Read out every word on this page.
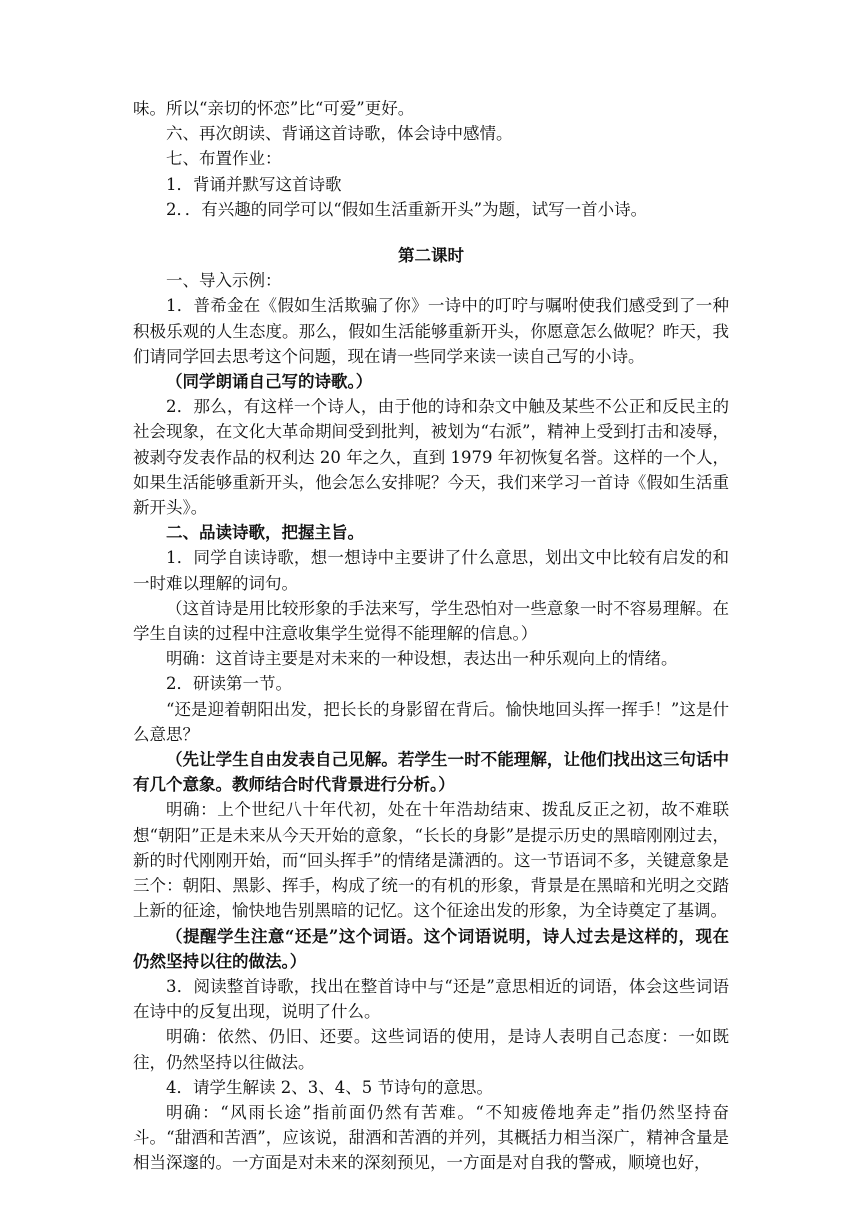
味。所以“亲切的怀恋”比“可爱”更好。

六、再次朗读、背诵这首诗歌，体会诗中感情。

七、布置作业：

1．背诵并默写这首诗歌

2．．有兴趣的同学可以“假如生活重新开头”为题，试写一首小诗。

第二课时

一、导入示例：

1．普希金在《假如生活欺骗了你》一诗中的叮咛与嘱咐使我们感受到了一种积极乐观的人生态度。那么，假如生活能够重新开头，你愿意怎么做呢？昨天，我们请同学回去思考这个问题，现在请一些同学来读一读自己写的小诗。

（同学朗诵自己写的诗歌。）

2．那么，有这样一个诗人，由于他的诗和杂文中触及某些不公正和反民主的社会现象，在文化大革命期间受到批判，被划为“右派”，精神上受到打击和凌辱，被剥夺发表作品的权利达 20 年之久，直到 1979 年初恢复名誉。这样的一个人，如果生活能够重新开头，他会怎么安排呢？今天，我们来学习一首诗《假如生活重新开头》。

二、品读诗歌，把握主旨。

1．同学自读诗歌，想一想诗中主要讲了什么意思，划出文中比较有启发的和一时难以理解的词句。

（这首诗是用比较形象的手法来写，学生恐怕对一些意象一时不容易理解。在学生自读的过程中注意收集学生觉得不能理解的信息。）

明确：这首诗主要是对未来的一种设想，表达出一种乐观向上的情绪。

2．研读第一节。

“还是迎着朝阳出发，把长长的身影留在背后。愉快地回头挥一挥手！”这是什么意思？

（先让学生自由发表自己见解。若学生一时不能理解，让他们找出这三句话中有几个意象。教师结合时代背景进行分析。）

明确：上个世纪八十年代初，处在十年浩劫结束、拨乱反正之初，故不难联想“朝阳”正是未来从今天开始的意象，“长长的身影”是提示历史的黑暗刚刚过去，新的时代刚刚开始，而“回头挥手”的情绪是潇洒的。这一节语词不多，关键意象是三个：朝阳、黑影、挥手，构成了统一的有机的形象，背景是在黑暗和光明之交踏上新的征途，愉快地告别黑暗的记忆。这个征途出发的形象，为全诗奠定了基调。

（提醒学生注意“还是”这个词语。这个词语说明，诗人过去是这样的，现在仍然坚持以往的做法。）

3．阅读整首诗歌，找出在整首诗中与“还是”意思相近的词语，体会这些词语在诗中的反复出现，说明了什么。

明确：依然、仍旧、还要。这些词语的使用，是诗人表明自己态度：一如既往，仍然坚持以往做法。

4．请学生解读 2、3、4、5 节诗句的意思。

明确：“风雨长途”指前面仍然有苦难。“不知疲倦地奔走”指仍然坚持奋斗。“甜酒和苦酒”，应该说，甜酒和苦酒的并列，其概括力相当深广，精神含量是相当深邃的。一方面是对未来的深刻预见，一方面是对自我的警戒，顺境也好，
